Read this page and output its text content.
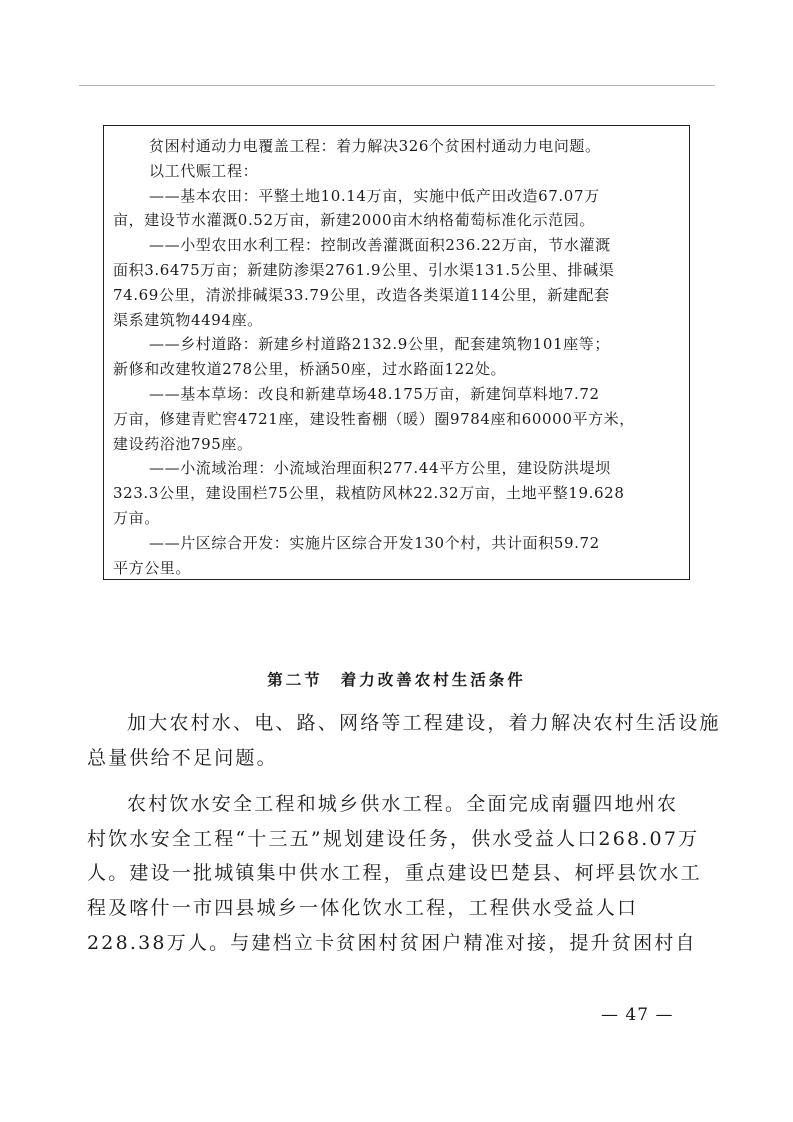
贫困村通动力电覆盖工程：着力解决326个贫困村通动力电问题。

以工代赈工程：

——基本农田：平整土地10.14万亩，实施中低产田改造67.07万

亩，建设节水灌溉0.52万亩，新建2000亩木纳格葡萄标准化示范园。

——小型农田水利工程：控制改善灌溉面积236.22万亩，节水灌溉

面积3.6475万亩；新建防渗渠2761.9公里、引水渠131.5公里、排碱渠

74.69公里，清淤排碱渠33.79公里，改造各类渠道114公里，新建配套

渠系建筑物4494座。

——乡村道路：新建乡村道路2132.9公里，配套建筑物101座等；

新修和改建牧道278公里，桥涵50座，过水路面122处。

——基本草场：改良和新建草场48.175万亩，新建饲草料地7.72

万亩，修建青贮窖4721座，建设牲畜棚（暖）圈9784座和60000平方米，

建设药浴池795座。

——小流域治理：小流域治理面积277.44平方公里，建设防洪堤坝

323.3公里，建设围栏75公里，栽植防风林22.32万亩，土地平整19.628

万亩。

——片区综合开发：实施片区综合开发130个村，共计面积59.72

平方公里。

第二节 着力改善农村生活条件

加大农村水、电、路、网络等工程建设，着力解决农村生活设施

总量供给不足问题。

农村饮水安全工程和城乡供水工程。全面完成南疆四地州农

村饮水安全工程“十三五”规划建设任务，供水受益人口268.07万

人。建设一批城镇集中供水工程，重点建设巴楚县、柯坪县饮水工

程及喀什一市四县城乡一体化饮水工程，工程供水受益人口

228.38万人。与建档立卡贫困村贫困户精准对接，提升贫困村自

— 47 —
